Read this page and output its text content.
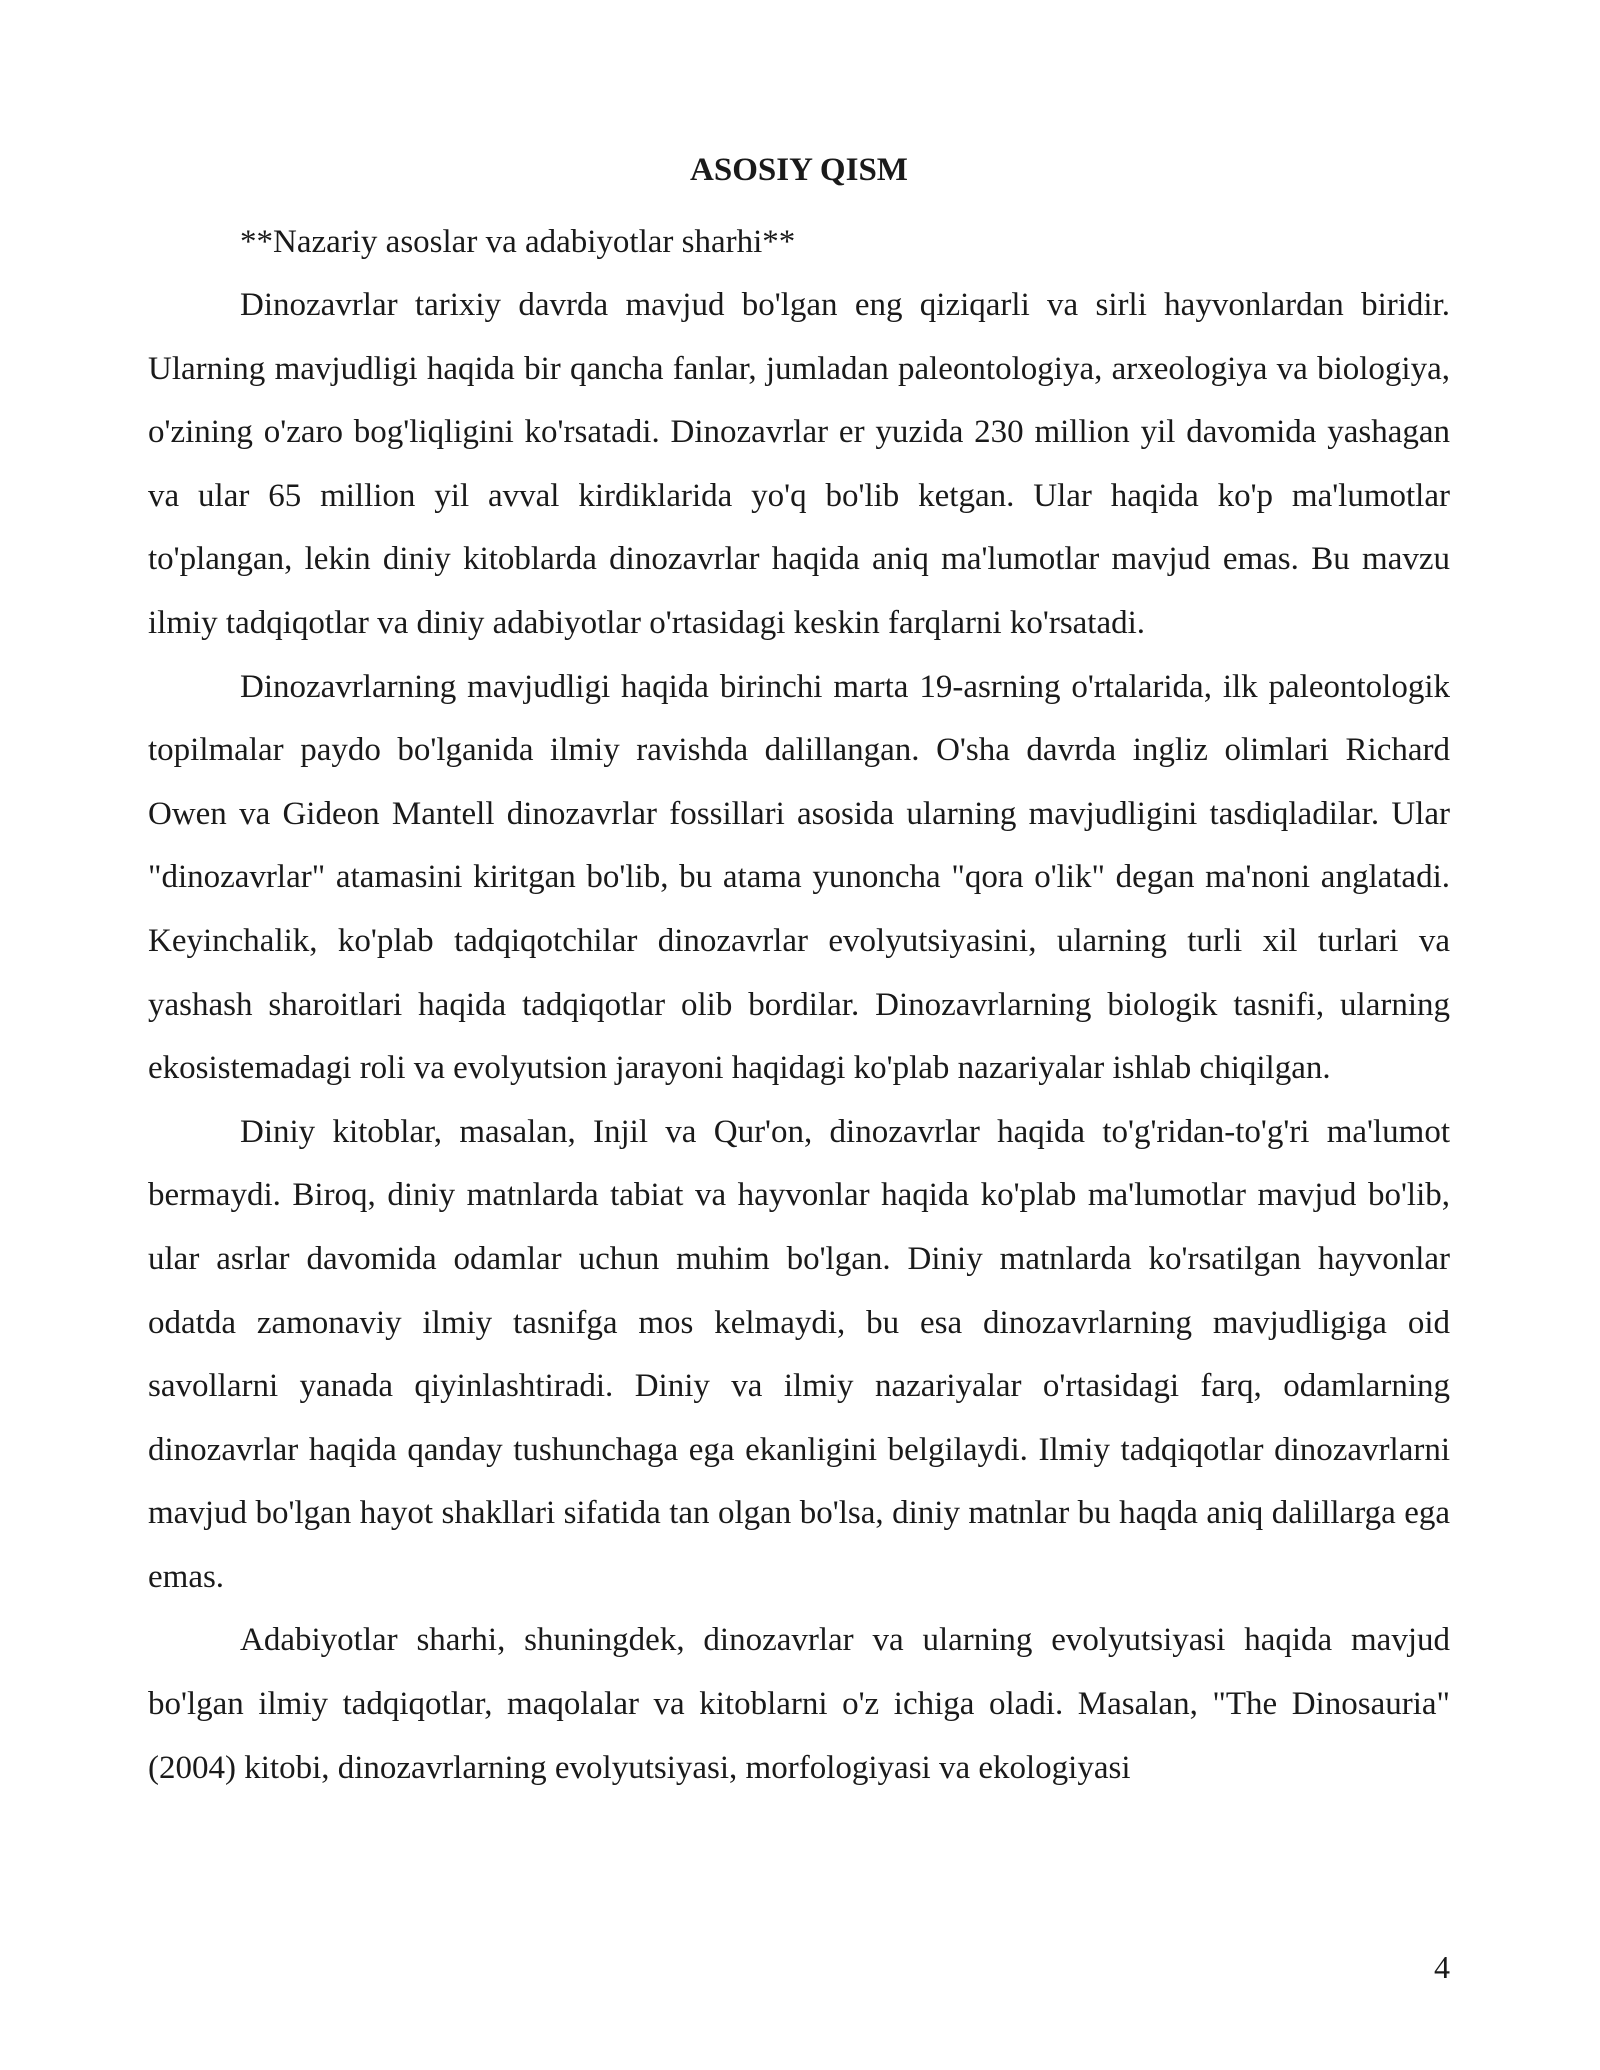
ASOSIY QISM

**Nazariy asoslar va adabiyotlar sharhi**

Dinozavrlar tarixiy davrda mavjud bo'lgan eng qiziqarli va sirli hayvonlardan biridir. Ularning mavjudligi haqida bir qancha fanlar, jumladan paleontologiya, arxeologiya va biologiya, o'zining o'zaro bog'liqligini ko'rsatadi. Dinozavrlar er yuzida 230 million yil davomida yashagan va ular 65 million yil avval kirdiklarida yo'q bo'lib ketgan. Ular haqida ko'p ma'lumotlar to'plangan, lekin diniy kitoblarda dinozavrlar haqida aniq ma'lumotlar mavjud emas. Bu mavzu ilmiy tadqiqotlar va diniy adabiyotlar o'rtasidagi keskin farqlarni ko'rsatadi.

Dinozavrlarning mavjudligi haqida birinchi marta 19-asrning o'rtalarida, ilk paleontologik topilmalar paydo bo'lganida ilmiy ravishda dalillangan. O'sha davrda ingliz olimlari Richard Owen va Gideon Mantell dinozavrlar fossillari asosida ularning mavjudligini tasdiqladilar. Ular "dinozavrlar" atamasini kiritgan bo'lib, bu atama yunoncha "qora o'lik" degan ma'noni anglatadi. Keyinchalik, ko'plab tadqiqotchilar dinozavrlar evolyutsiyasini, ularning turli xil turlari va yashash sharoitlari haqida tadqiqotlar olib bordilar. Dinozavrlarning biologik tasnifi, ularning ekosistemadagi roli va evolyutsion jarayoni haqidagi ko'plab nazariyalar ishlab chiqilgan.

Diniy kitoblar, masalan, Injil va Qur'on, dinozavrlar haqida to'g'ridan-to'g'ri ma'lumot bermaydi. Biroq, diniy matnlarda tabiat va hayvonlar haqida ko'plab ma'lumotlar mavjud bo'lib, ular asrlar davomida odamlar uchun muhim bo'lgan. Diniy matnlarda ko'rsatilgan hayvonlar odatda zamonaviy ilmiy tasnifga mos kelmaydi, bu esa dinozavrlarning mavjudligiga oid savollarni yanada qiyinlashtiradi. Diniy va ilmiy nazariyalar o'rtasidagi farq, odamlarning dinozavrlar haqida qanday tushunchaga ega ekanligini belgilaydi. Ilmiy tadqiqotlar dinozavrlarni mavjud bo'lgan hayot shakllari sifatida tan olgan bo'lsa, diniy matnlar bu haqda aniq dalillarga ega emas.

Adabiyotlar sharhi, shuningdek, dinozavrlar va ularning evolyutsiyasi haqida mavjud bo'lgan ilmiy tadqiqotlar, maqolalar va kitoblarni o'z ichiga oladi. Masalan, "The Dinosauria" (2004) kitobi, dinozavrlarning evolyutsiyasi, morfologiyasi va ekologiyasi

4
